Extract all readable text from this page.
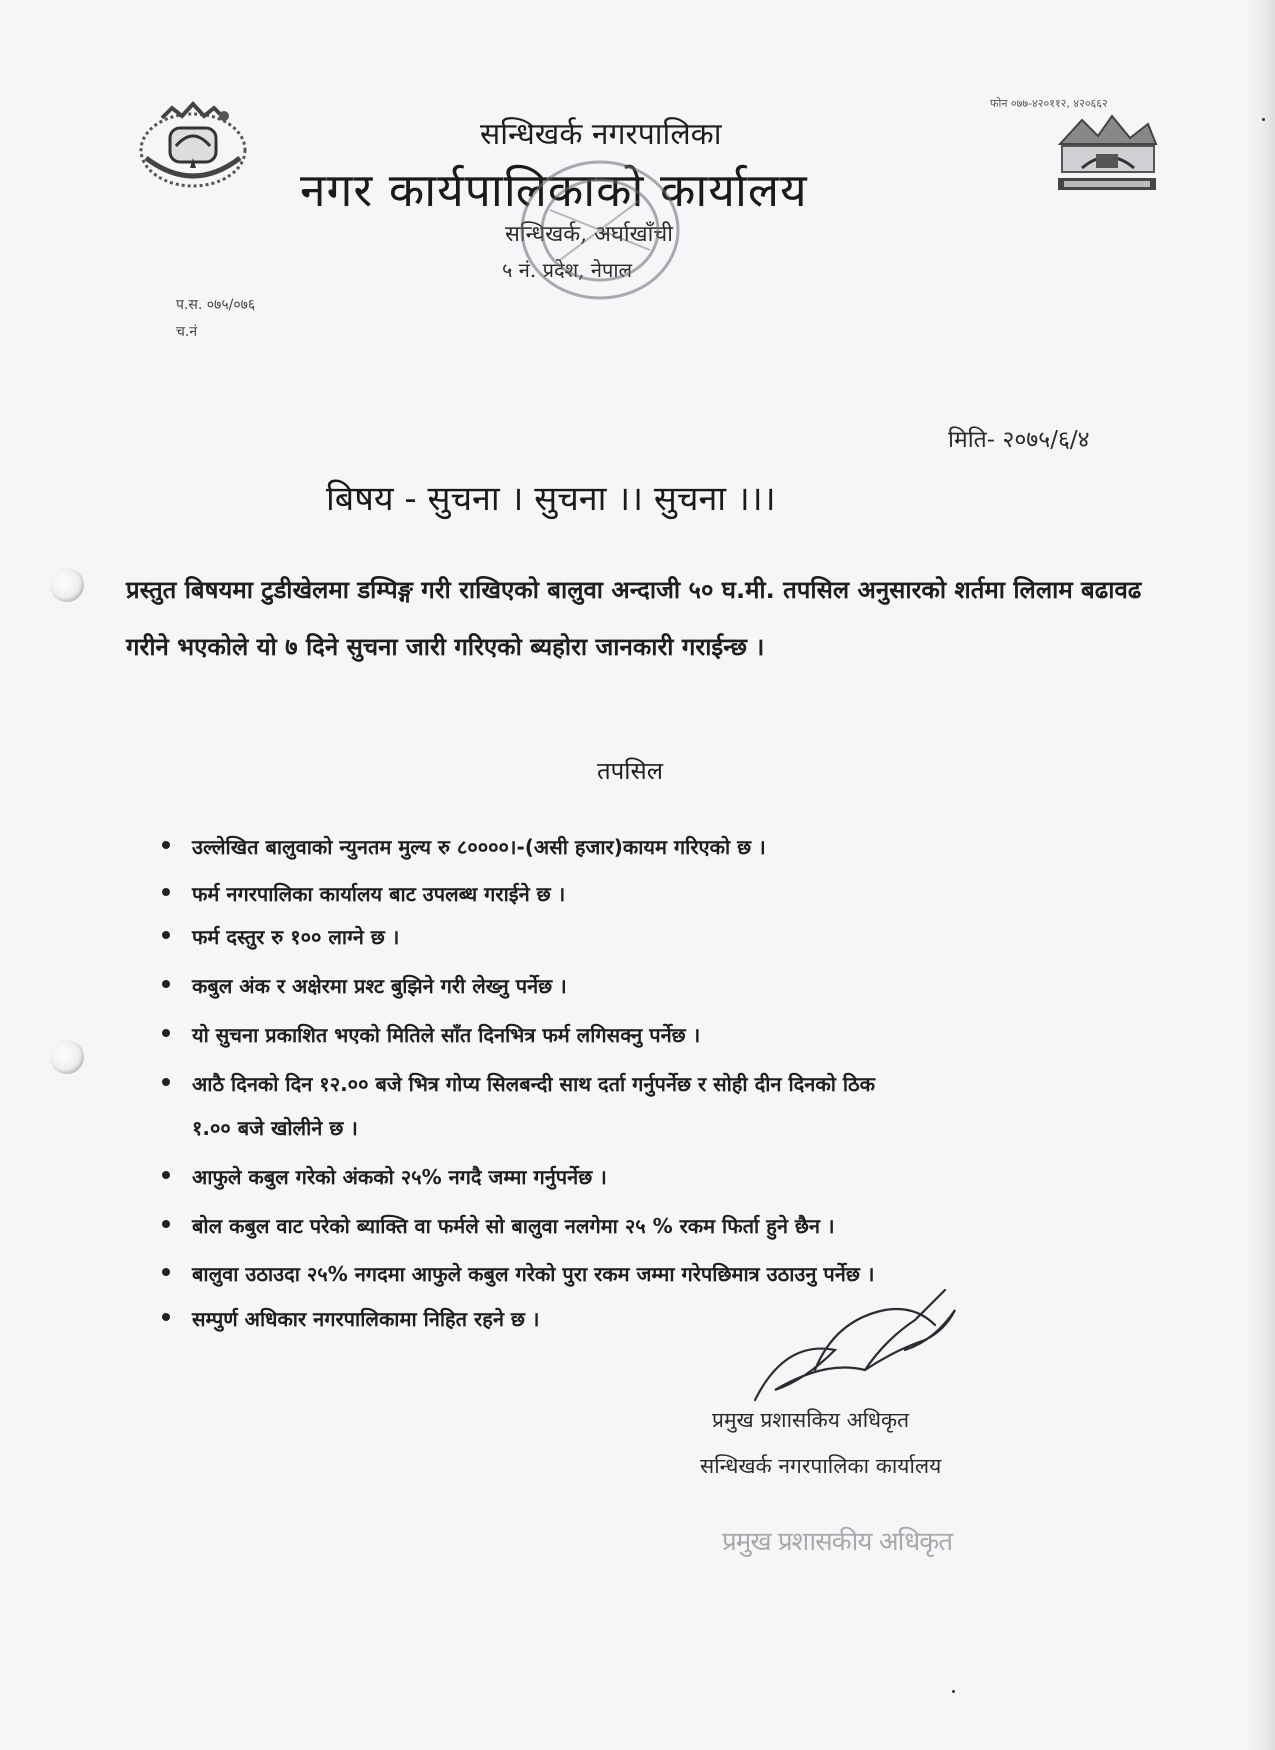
फोन ०७७-४२०११२, ४२०६६२
सन्धिखर्क नगरपालिका
नगर कार्यपालिकाको कार्यालय
सन्धिखर्क, अर्घाखाँची
५ नं. प्रदेश, नेपाल
प.स. ०७५/०७६
च.नं
मिति- २०७५/६/४
बिषय - सुचना । सुचना ।। सुचना ।।।
प्रस्तुत बिषयमा टुडीखेलमा डम्पिङ्ग गरी राखिएको बालुवा अन्दाजी ५० घ.मी. तपसिल अनुसारको शर्तमा लिलाम बढावढ गरीने भएकोले यो ७ दिने सुचना जारी गरिएको ब्यहोरा जानकारी गराईन्छ ।
तपसिल
उल्लेखित बालुवाको न्युनतम मुल्य रु ८००००।-(असी हजार)कायम गरिएको छ ।
फर्म नगरपालिका कार्यालय बाट उपलब्ध गराईने छ ।
फर्म दस्तुर रु १०० लाग्ने छ ।
कबुल अंक र अक्षेरमा प्रश्ट बुझिने गरी लेख्नु पर्नेछ ।
यो सुचना प्रकाशित भएको मितिले साँत दिनभित्र फर्म लगिसक्नु पर्नेछ ।
आठै दिनको दिन १२.०० बजे भित्र गोप्य सिलबन्दी साथ दर्ता गर्नुपर्नेछ र सोही दीन दिनको ठिक
१.०० बजे खोलीने छ ।
आफुले कबुल गरेको अंकको २५% नगदै जम्मा गर्नुपर्नेछ ।
बोल कबुल वाट परेको ब्याक्ति वा फर्मले सो बालुवा नलगेमा २५ % रकम फिर्ता हुने छैन ।
बालुवा उठाउदा २५% नगदमा आफुले कबुल गरेको पुरा रकम जम्मा गरेपछिमात्र उठाउनु पर्नेछ ।
सम्पुर्ण अधिकार नगरपालिकामा निहित रहने छ ।
प्रमुख प्रशासकिय अधिकृत
सन्धिखर्क नगरपालिका कार्यालय
प्रमुख प्रशासकीय अधिकृत
